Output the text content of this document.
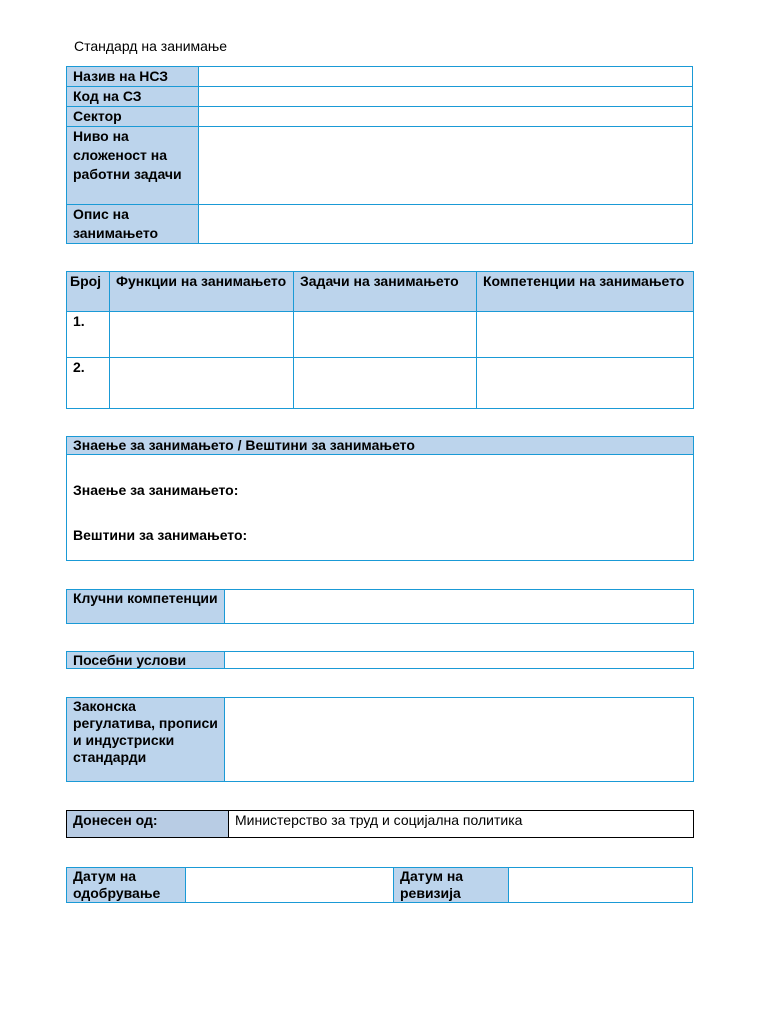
Стандард на занимање
Назив на НСЗ	
Код на СЗ	
Сектор	
Ниво на сложеност на работни задачи	
Опис на занимањето	
Број	Функции на занимањето	Задачи на занимањето	Компетенции на занимањето
1.			
2.			
Знаење за занимањето / Вештини за занимањето

Знаење за занимањето:
Вештини за занимањето:
Клучни компетенции	
Посебни услови	
Законска регулатива, прописи и индустриски стандарди	
Донесен од:	Министерство за труд и социјална политика
Датум на одобрување		Датум на ревизија	
